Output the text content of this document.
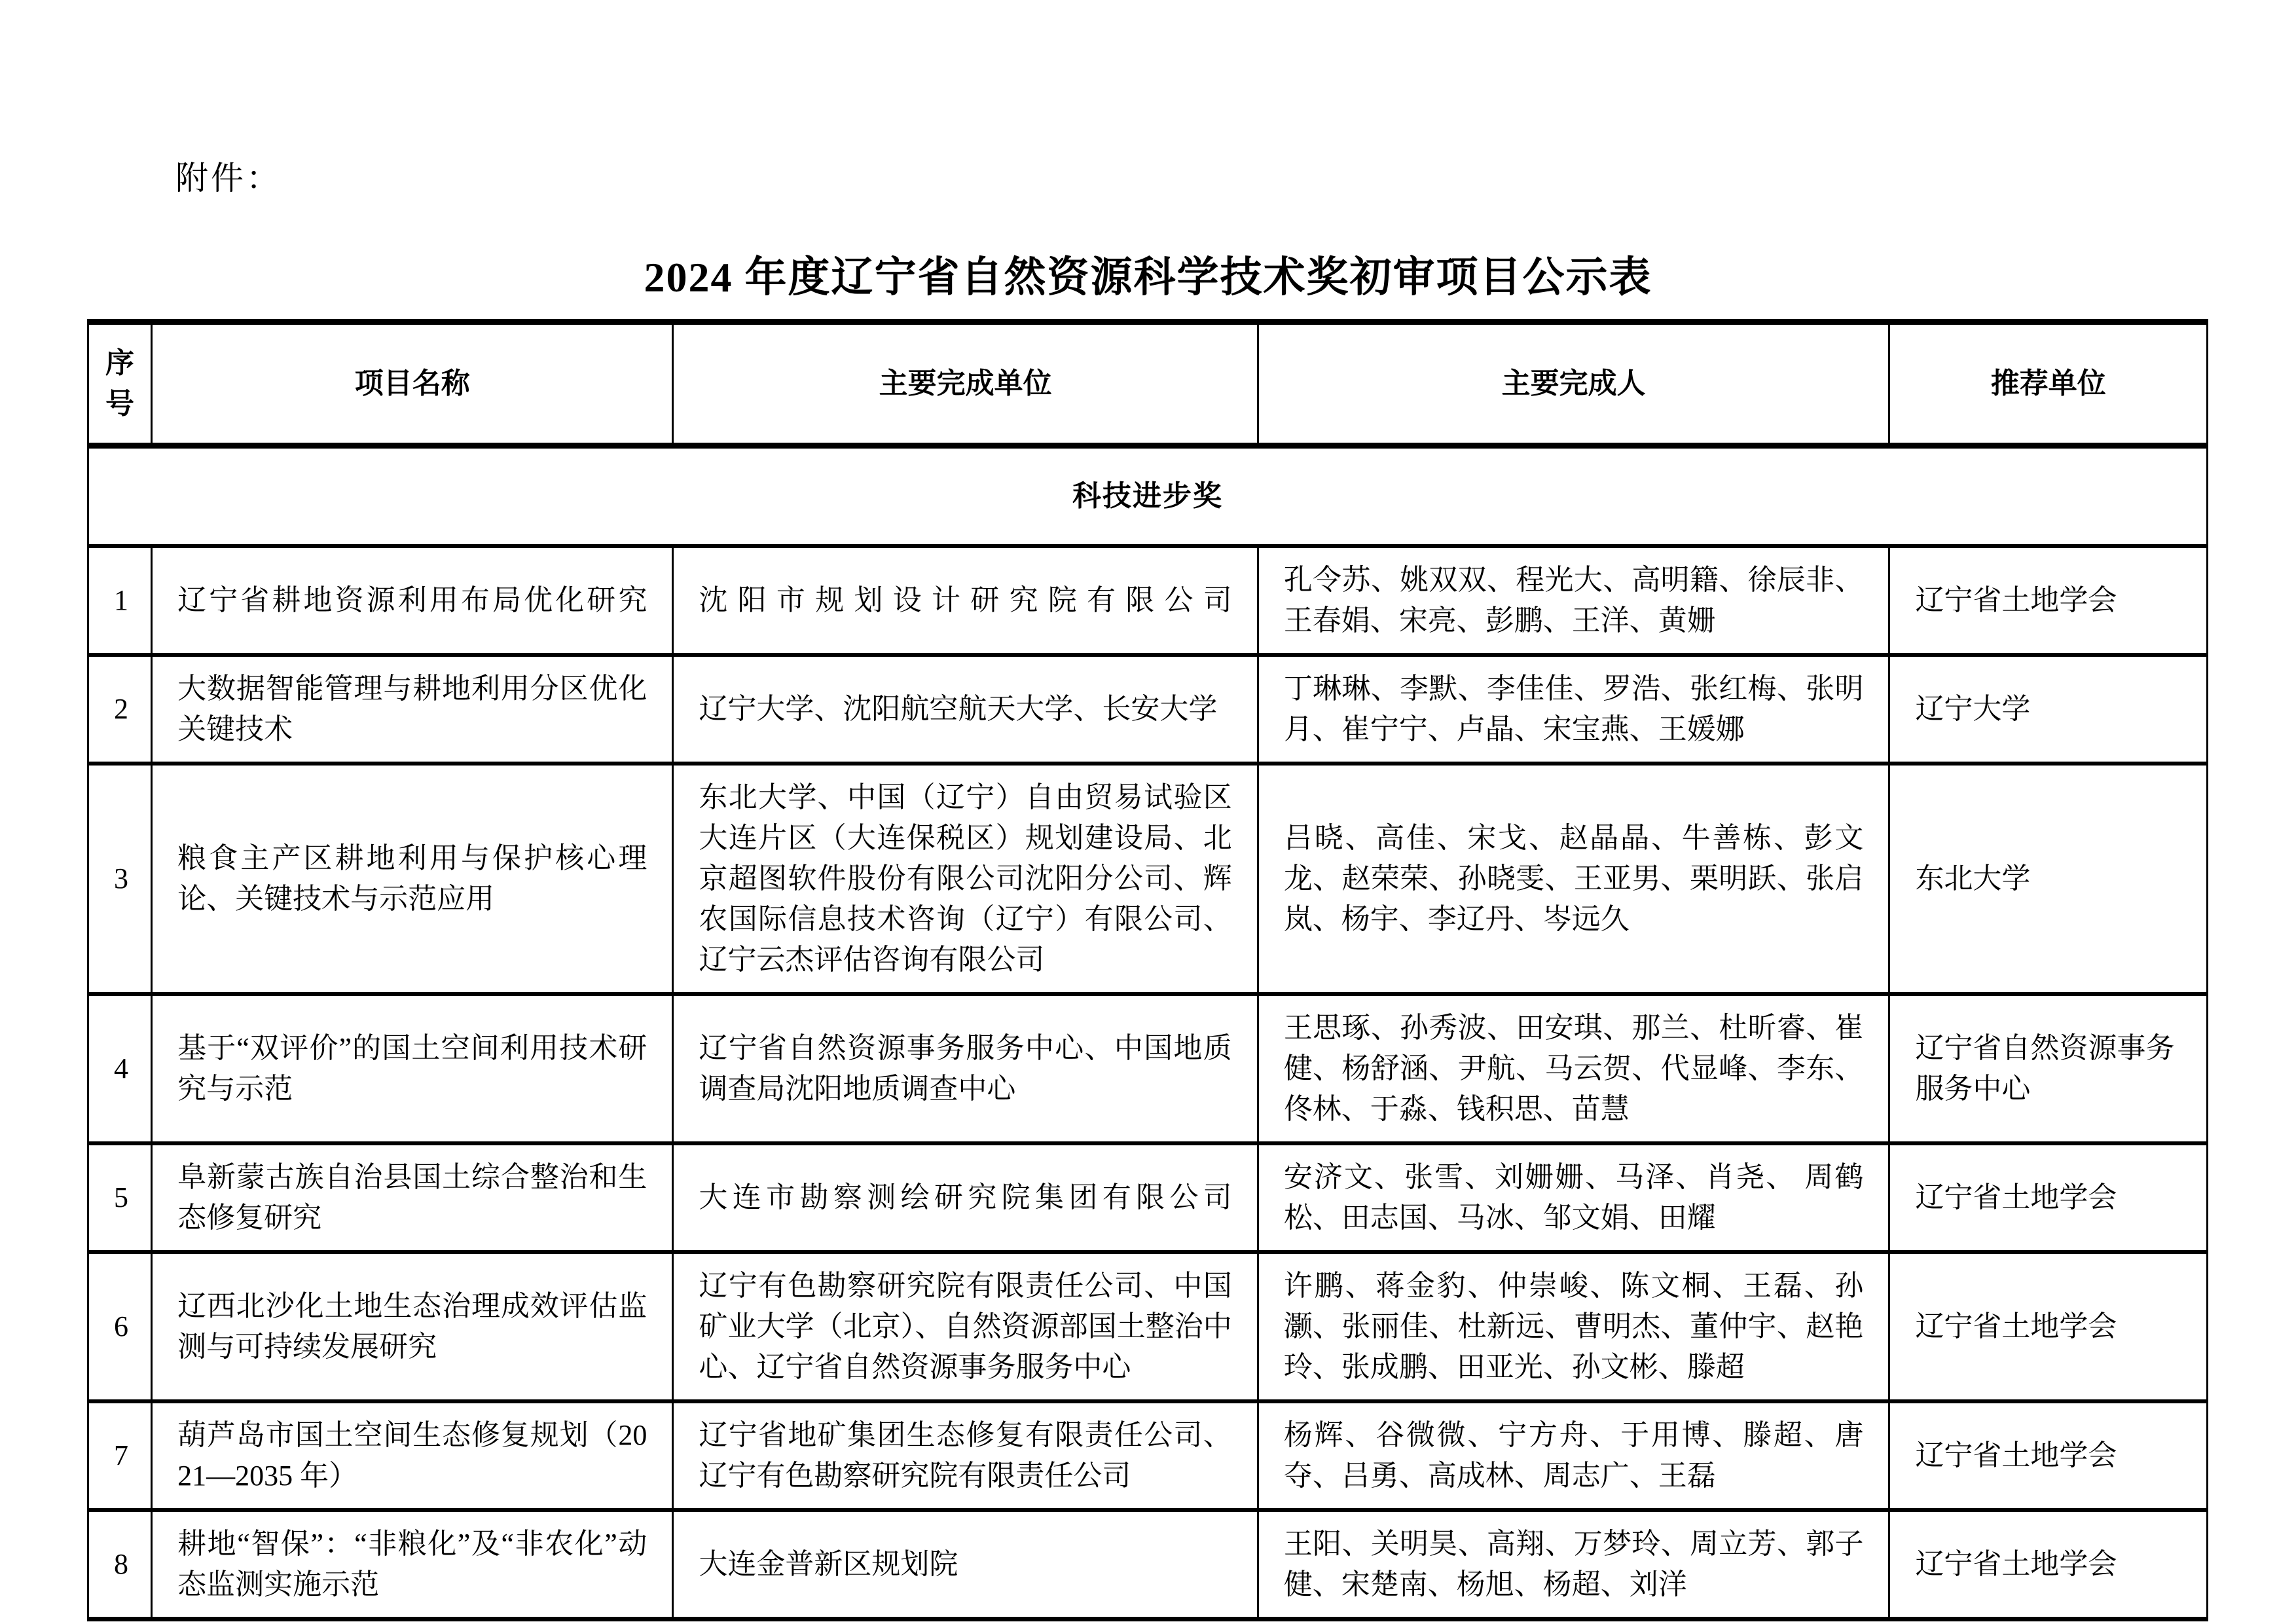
附件：
2024 年度辽宁省自然资源科学技术奖初审项目公示表
序号	项目名称	主要完成单位	主要完成人	推荐单位
科技进步奖				
1	辽宁省耕地资源利用布局优化研究	沈阳市规划设计研究院有限公司	孔令苏、姚双双、程光大、高明籍、徐辰非、王春娟、宋亮、彭鹏、王洋、黄姗	辽宁省土地学会
2	大数据智能管理与耕地利用分区优化关键技术	辽宁大学、沈阳航空航天大学、长安大学	丁琳琳、李默、李佳佳、罗浩、张红梅、张明月、崔宁宁、卢晶、宋宝燕、王媛娜	辽宁大学
3	粮食主产区耕地利用与保护核心理论、关键技术与示范应用	东北大学、中国（辽宁）自由贸易试验区大连片区（大连保税区）规划建设局、北京超图软件股份有限公司沈阳分公司、辉农国际信息技术咨询（辽宁）有限公司、辽宁云杰评估咨询有限公司	吕晓、高佳、宋戈、赵晶晶、牛善栋、彭文龙、赵荣荣、孙晓雯、王亚男、栗明跃、张启岚、杨宇、李辽丹、岑远久	东北大学
4	基于“双评价”的国土空间利用技术研究与示范	辽宁省自然资源事务服务中心、中国地质调查局沈阳地质调查中心	王思琢、孙秀波、田安琪、那兰、杜昕睿、崔健、杨舒涵、尹航、马云贺、代显峰、李东、佟林、于淼、钱积思、苗慧	辽宁省自然资源事务服务中心
5	阜新蒙古族自治县国土综合整治和生态修复研究	大连市勘察测绘研究院集团有限公司	安济文、张雪、刘姗姗、马泽、肖尧、 周鹤松、田志国、马冰、邹文娟、田耀	辽宁省土地学会
6	辽西北沙化土地生态治理成效评估监测与可持续发展研究	辽宁有色勘察研究院有限责任公司、中国矿业大学（北京）、自然资源部国土整治中心、辽宁省自然资源事务服务中心	许鹏、蒋金豹、仲崇峻、陈文桐、王磊、孙灏、张丽佳、杜新远、曹明杰、董仲宇、赵艳玲、张成鹏、田亚光、孙文彬、滕超	辽宁省土地学会
7	葫芦岛市国土空间生态修复规划（2021—2035 年）	辽宁省地矿集团生态修复有限责任公司、辽宁有色勘察研究院有限责任公司	杨辉、谷微微、宁方舟、于用博、滕超、唐夺、吕勇、高成林、周志广、王磊	辽宁省土地学会
8	耕地“智保”：“非粮化”及“非农化”动态监测实施示范	大连金普新区规划院	王阳、关明昊、高翔、万梦玲、周立芳、郭子健、宋楚南、杨旭、杨超、刘洋	辽宁省土地学会
